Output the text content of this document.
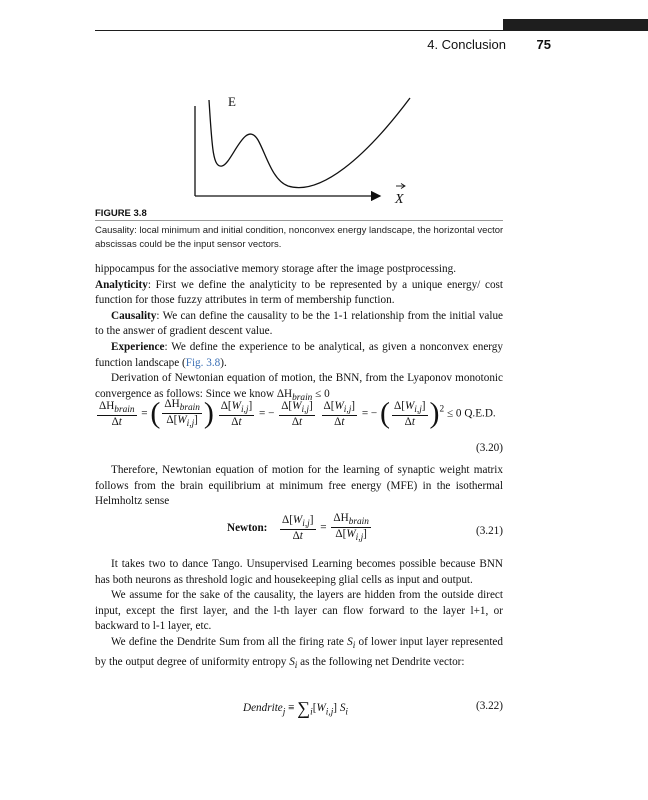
4. Conclusion 75
E
X
FIGURE 3.8
Causality: local minimum and initial condition, nonconvex energy landscape, the horizontal vector abscissas could be the input sensor vectors.

hippocampus for the associative memory storage after the image postprocessing.

Analyticity: First we define the analyticity to be represented by a unique energy/ cost function for those fuzzy attributes in term of membership function.

Causality: We can define the causality to be the 1-1 relationship from the initial value to the answer of gradient descent value.

Experience: We define the experience to be analytical, as given a nonconvex energy function landscape (Fig. 3.8).

Derivation of Newtonian equation of motion, the BNN, from the Lyaponov monotonic convergence as follows: Since we know $\Delta H_{brain} \le 0$

$\frac{\Delta H_{brain}}{\Delta t}$ = ( $\frac{\Delta H_{brain}}{\Delta[W_{i,j}]}$ ) $\frac{\Delta[W_{i,j}]}{\Delta t}$ = − $\frac{\Delta[W_{i,j}]}{\Delta t}$
$\frac{\Delta[W_{i,j}]}{\Delta t}$ = − ( $\frac{\Delta[W_{i,j}]}{\Delta t} )^2 \le 0$ Q.E.D.
(3.20)

Therefore, Newtonian equation of motion for the learning of synaptic weight matrix follows from the brain equilibrium at minimum free energy (MFE) in the isothermal Helmholtz sense

Newton: $\frac{\Delta[W_{i,j}]}{\Delta t} = \frac{\Delta H_{brain}}{\Delta[W_{i,j}]}$	(3.21)

It takes two to dance Tango. Unsupervised Learning becomes possible because BNN has both neurons as threshold logic and housekeeping glial cells as input and output.

We assume for the sake of the causality, the layers are hidden from the outside direct input, except the first layer, and the l-th layer can flow forward to the layer l+1, or backward to l-1 layer, etc.

We define the Dendrite Sum from all the firing rate $S_i$ of lower input layer represented by the output degree of uniformity entropy $S_i$ as the following net Dendrite vector:

Dendrite$_j$ ≡ $\sum_i[W_{i,j}]$ $S_i$
(3.22)
